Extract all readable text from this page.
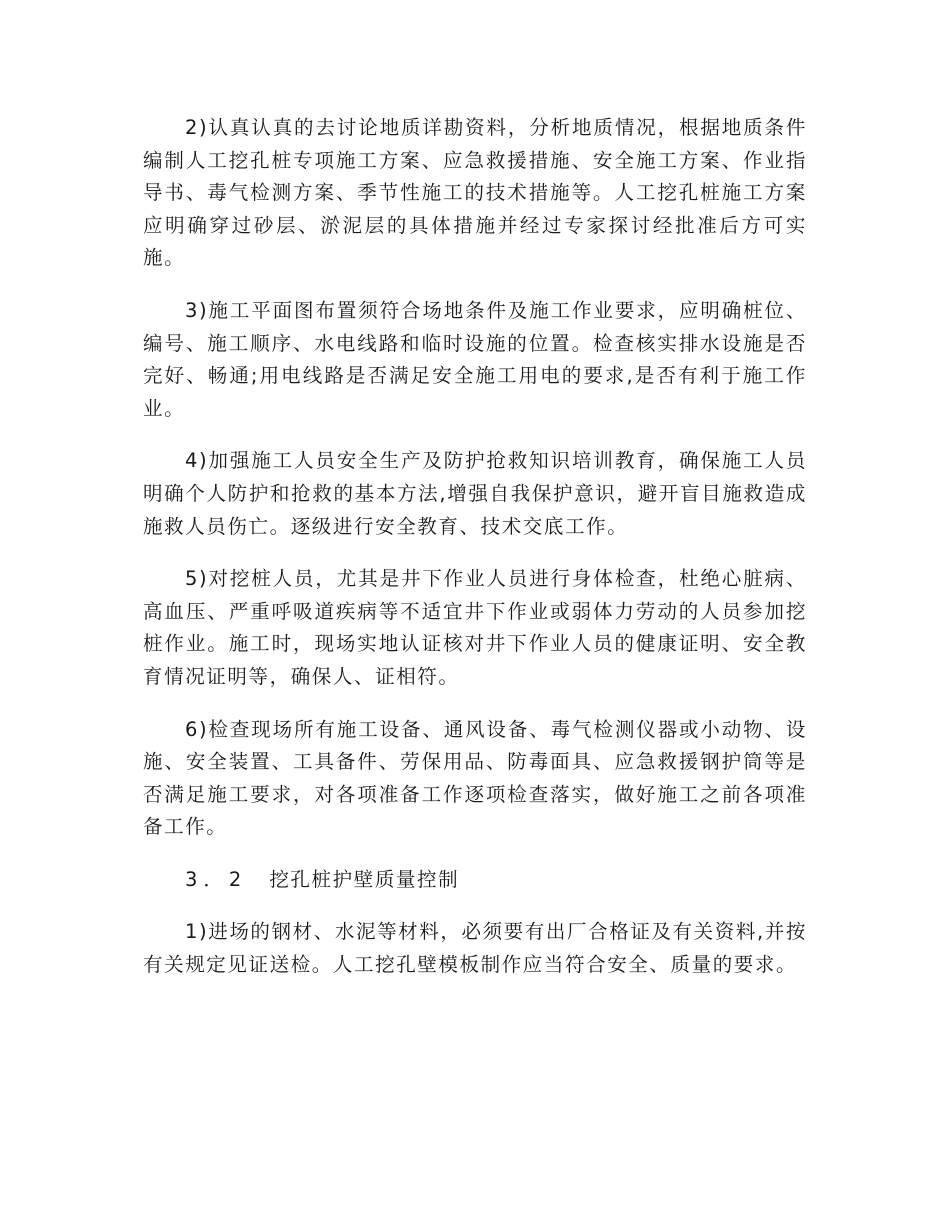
2)认真认真的去讨论地质详勘资料，分析地质情况，根据地质条件编制人工挖孔桩专项施工方案、应急救援措施、安全施工方案、作业指导书、毒气检测方案、季节性施工的技术措施等。人工挖孔桩施工方案应明确穿过砂层、淤泥层的具体措施并经过专家探讨经批准后方可实施。

3)施工平面图布置须符合场地条件及施工作业要求，应明确桩位、编号、施工顺序、水电线路和临时设施的位置。检查核实排水设施是否完好、畅通;用电线路是否满足安全施工用电的要求,是否有利于施工作业。

4)加强施工人员安全生产及防护抢救知识培训教育，确保施工人员明确个人防护和抢救的基本方法,增强自我保护意识，避开盲目施救造成施救人员伤亡。逐级进行安全教育、技术交底工作。

5)对挖桩人员，尤其是井下作业人员进行身体检查，杜绝心脏病、高血压、严重呼吸道疾病等不适宜井下作业或弱体力劳动的人员参加挖桩作业。施工时，现场实地认证核对井下作业人员的健康证明、安全教育情况证明等，确保人、证相符。

6)检查现场所有施工设备、通风设备、毒气检测仪器或小动物、设施、安全装置、工具备件、劳保用品、防毒面具、应急救援钢护筒等是否满足施工要求，对各项准备工作逐项检查落实，做好施工之前各项准备工作。

3．2 挖孔桩护壁质量控制

1)进场的钢材、水泥等材料，必须要有出厂合格证及有关资料,并按有关规定见证送检。人工挖孔壁模板制作应当符合安全、质量的要求。
